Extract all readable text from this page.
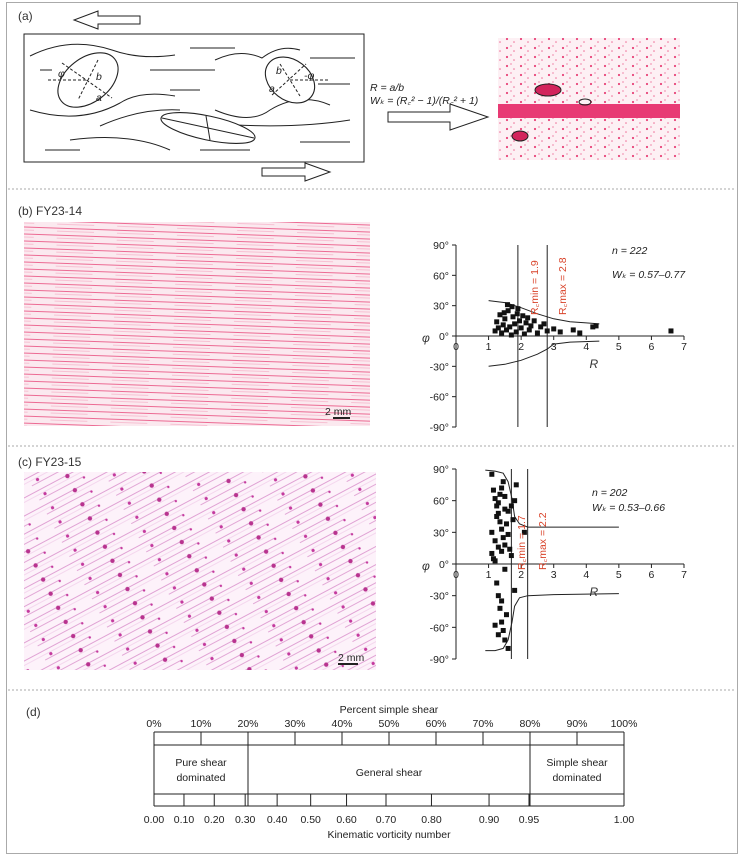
(a)
φ	b
a
b -φ
a	R = a/b
Wₖ = (R꜀² − 1)/(R꜀² + 1)
(b) FY23-14
2 mm
0	1	2	3	4	5	6	7
90°
60°
30°
0°
-30°
-60°
-90°
φ
R
R꜀min = 1.9 R꜀max = 2.8
n = 222
Wₖ = 0.57–0.77
(c) FY23-15
2 mm
0	1	2	3	4	5	6	7
90°
60°
30°
0°
-30°
-60°
-90°
φ
R
R꜀min = 1.7 R꜀max = 2.2
n = 202
Wₖ = 0.53–0.66
(d)	Percent simple shear
0%	10% 20% 30% 40% 50% 60% 70% 80% 90% 100%
0.00 0.10 0.20 0.30 0.40 0.50 0.60 0.70 0.80	0.90 0.95	1.00
Pure shear
dominated	General shear
Simple shear
dominated
Kinematic vorticity number
